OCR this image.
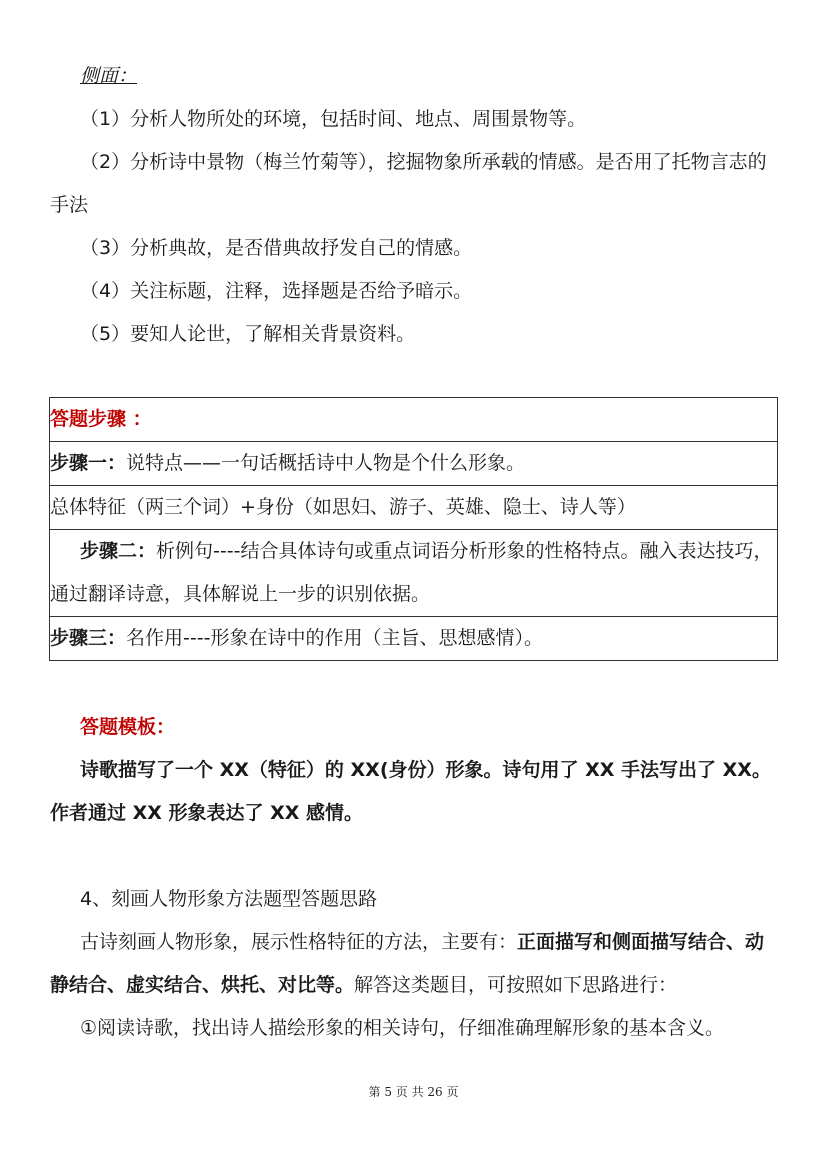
侧面：

（1）分析人物所处的环境，包括时间、地点、周围景物等。

（2）分析诗中景物（梅兰竹菊等），挖掘物象所承载的情感。是否用了托物言志的手法

（3）分析典故，是否借典故抒发自己的情感。

（4）关注标题，注释，选择题是否给予暗示。

（5）要知人论世，了解相关背景资料。

答题步骤 ：
步骤一：说特点——一句话概括诗中人物是个什么形象。
总体特征（两三个词）+身份（如思妇、游子、英雄、隐士、诗人等）
步骤二：析例句----结合具体诗句或重点词语分析形象的性格特点。融入表达技巧，通过翻译诗意，具体解说上一步的识别依据。
步骤三：名作用----形象在诗中的作用（主旨、思想感情）。

答题模板：

诗歌描写了一个 XX（特征）的 XX(身份）形象。诗句用了 XX 手法写出了 XX。作者通过 XX 形象表达了 XX 感情。

4、刻画人物形象方法题型答题思路

古诗刻画人物形象，展示性格特征的方法，主要有：正面描写和侧面描写结合、动静结合、虚实结合、烘托、对比等。解答这类题目，可按照如下思路进行：

①阅读诗歌，找出诗人描绘形象的相关诗句，仔细准确理解形象的基本含义。

第 5 页 共 26 页
